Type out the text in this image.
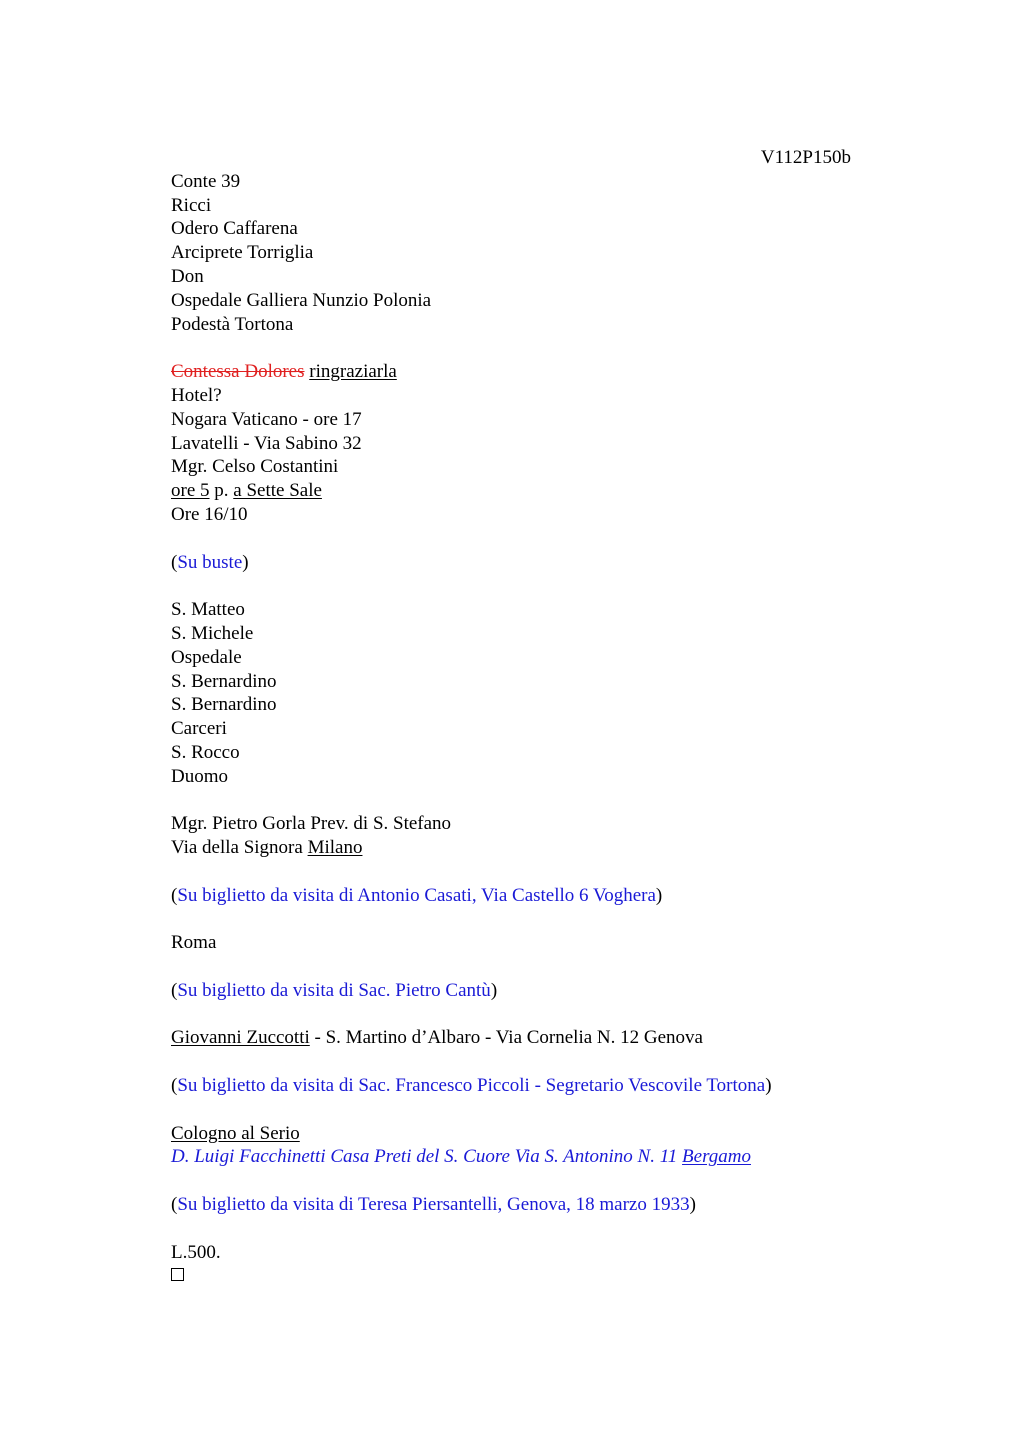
V112P150b
Conte 39
Ricci
Odero Caffarena
Arciprete Torriglia
Don
Ospedale Galliera Nunzio Polonia
Podestà Tortona
Contessa Dolores ringraziarla
Hotel?
Nogara Vaticano - ore 17
Lavatelli - Via Sabino 32
Mgr. Celso Costantini
ore 5 p. a Sette Sale
Ore 16/10
(Su buste)
S. Matteo
S. Michele
Ospedale
S. Bernardino
S. Bernardino
Carceri
S. Rocco
Duomo
Mgr. Pietro Gorla Prev. di S. Stefano
Via della Signora Milano
(Su biglietto da visita di Antonio Casati, Via Castello 6 Voghera)
Roma
(Su biglietto da visita di Sac. Pietro Cantù)
Giovanni Zuccotti - S. Martino d’Albaro - Via Cornelia N. 12 Genova
(Su biglietto da visita di Sac. Francesco Piccoli - Segretario Vescovile Tortona)
Cologno al Serio
D. Luigi Facchinetti Casa Preti del S. Cuore Via S. Antonino N. 11 Bergamo
(Su biglietto da visita di Teresa Piersantelli, Genova, 18 marzo 1933)
L.500.
